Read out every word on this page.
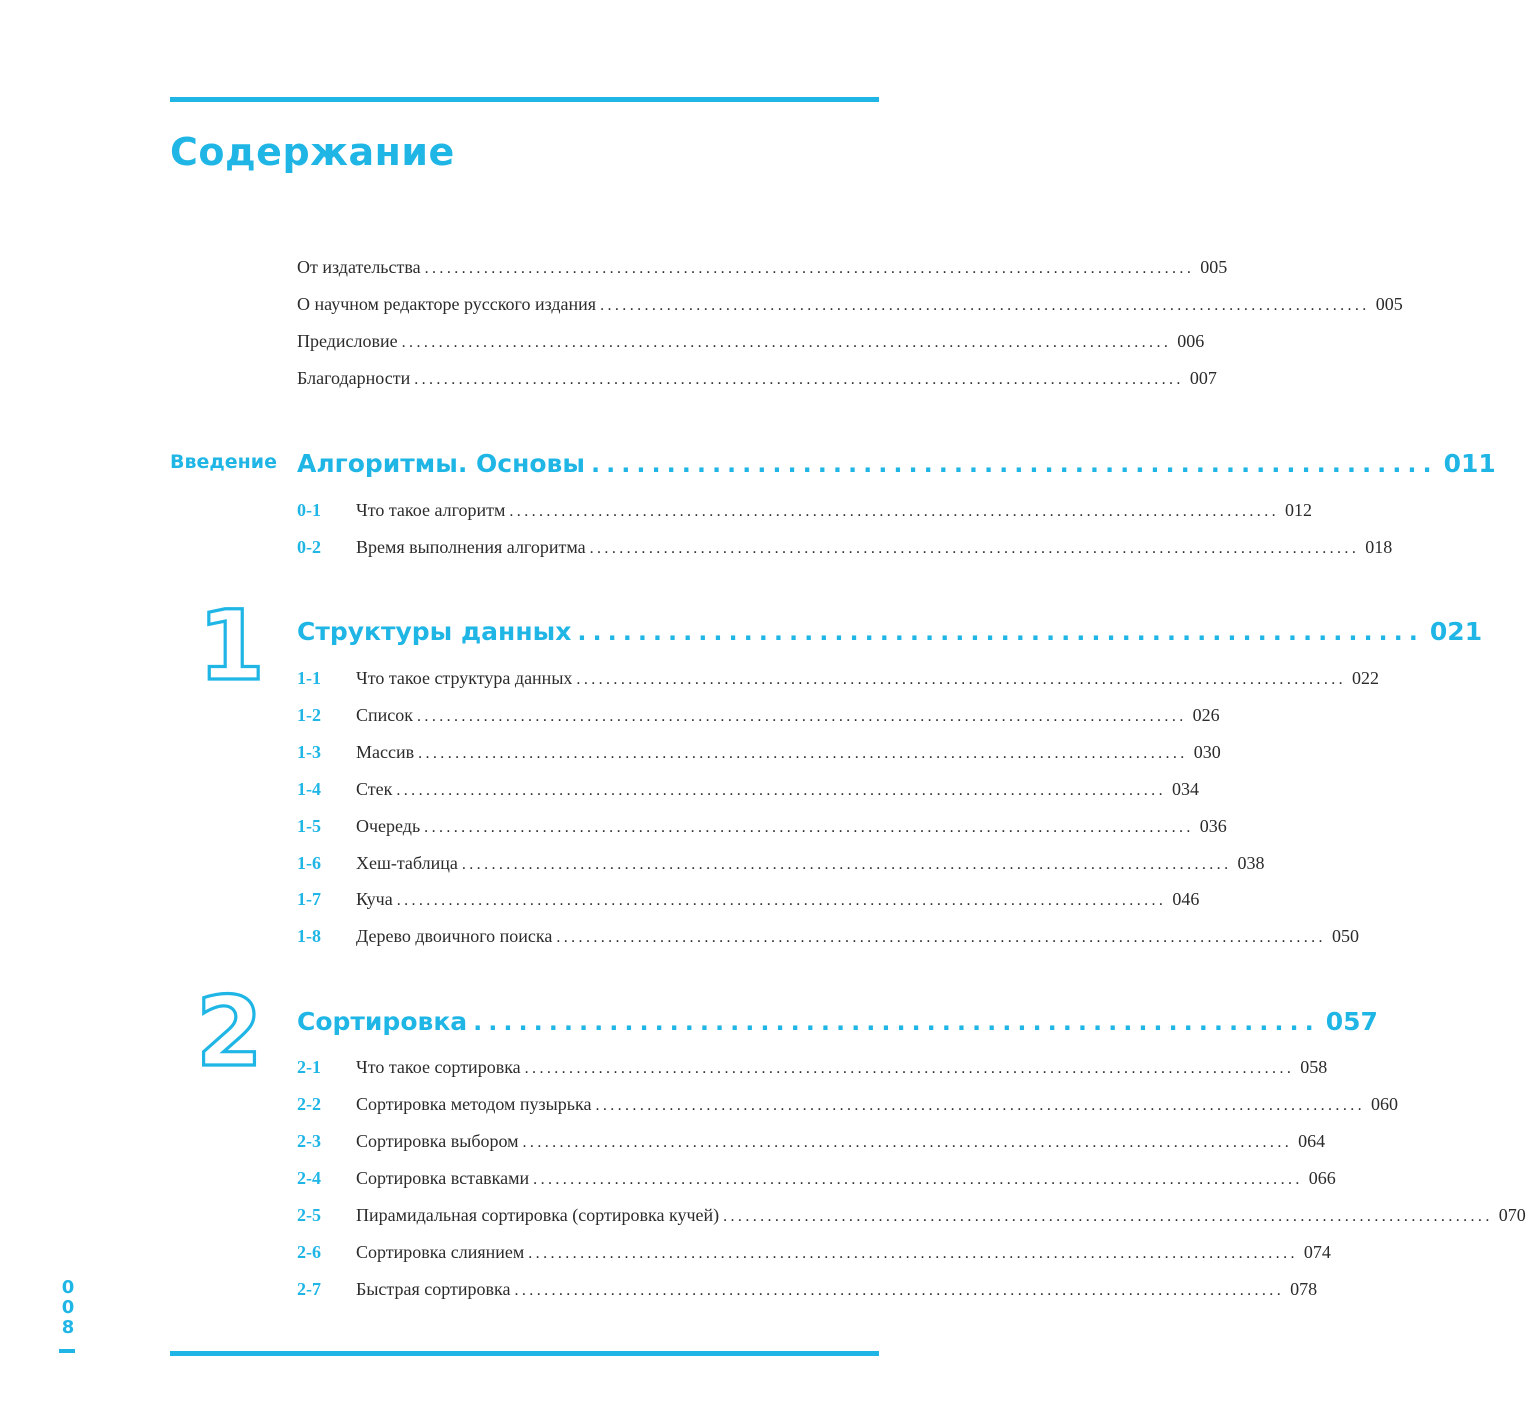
Содержание
От издательства ........................................................................................................ 005
О научном редакторе русского издания ........................................................................................................ 005
Предисловие ........................................................................................................ 006
Благодарности ........................................................................................................ 007
Введение Алгоритмы. Основы ........................................................ 011
0-1	Что такое алгоритм ........................................................................................................ 012
0-2	Время выполнения алгоритма ........................................................................................................ 018
1 Структуры данных ........................................................ 021
1-1	Что такое структура данных ........................................................................................................ 022
1-2	Список ........................................................................................................ 026
1-3	Массив ........................................................................................................ 030
1-4	Стек ........................................................................................................ 034
1-5	Очередь ........................................................................................................ 036
1-6	Хеш-таблица ........................................................................................................ 038
1-7	Куча ........................................................................................................ 046
1-8	Дерево двоичного поиска ........................................................................................................ 050
2 Сортировка ........................................................ 057
2-1	Что такое сортировка ........................................................................................................ 058
2-2	Сортировка методом пузырька ........................................................................................................ 060
2-3	Сортировка выбором ........................................................................................................ 064
2-4	Сортировка вставками ........................................................................................................ 066
2-5	Пирамидальная сортировка (сортировка кучей) ........................................................................................................ 070
2-6	Сортировка слиянием ........................................................................................................ 074
2-7	Быстрая сортировка ........................................................................................................ 078
0
0
8
